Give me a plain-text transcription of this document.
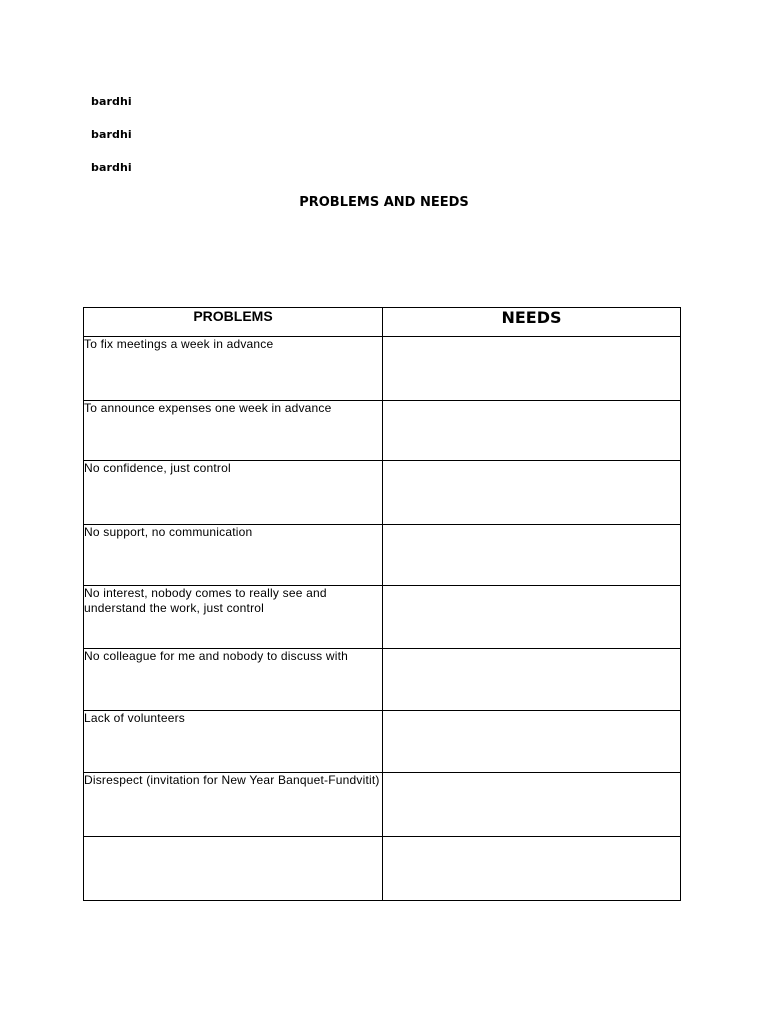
bardhi
bardhi
bardhi
PROBLEMS AND NEEDS
PROBLEMS	NEEDS
To fix meetings a week in advance	
To announce expenses one week in advance	
No confidence, just control	
No support, no communication	
No interest, nobody comes to really see and understand the work, just control	
No colleague for me and nobody to discuss with	
Lack of volunteers	
Disrespect (invitation for New Year Banquet-Fundvitit)	
